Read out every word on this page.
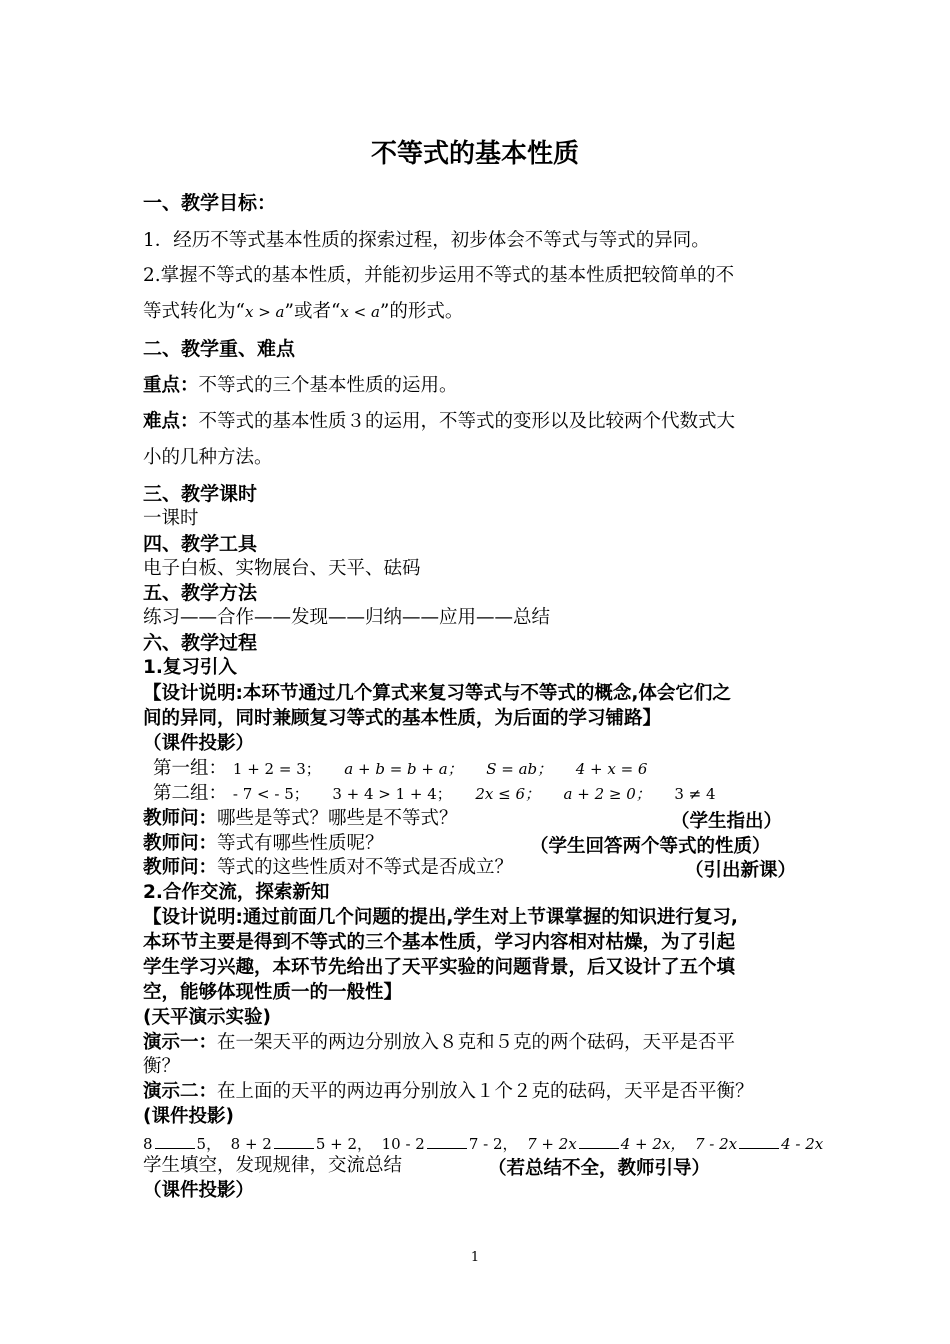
不等式的基本性质
一、教学目标：
1．经历不等式基本性质的探索过程，初步体会不等式与等式的异同。
2.掌握不等式的基本性质，并能初步运用不等式的基本性质把较简单的不
等式转化为“x > a”或者“x < a”的形式。
二、教学重、难点
重点：不等式的三个基本性质的运用。
难点：不等式的基本性质３的运用，不等式的变形以及比较两个代数式大
小的几种方法。
三、教学课时
一课时
四、教学工具
电子白板、实物展台、天平、砝码
五、教学方法
练习——合作——发现——归纳——应用——总结
六、教学过程
1.复习引入
【设计说明:本环节通过几个算式来复习等式与不等式的概念,体会它们之
间的异同，同时兼顾复习等式的基本性质，为后面的学习铺路】
（课件投影）
第一组： 1 + 2 = 3； a + b = b + a； S = ab； 4 + x = 6
第二组： - 7 < - 5； 3 + 4 > 1 + 4； 2x ≤ 6； a + 2 ≥ 0； 3 ≠ 4
教师问：哪些是等式？哪些是不等式？	（学生指出）
教师问：等式有哪些性质呢？	（学生回答两个等式的性质）
教师问：等式的这些性质对不等式是否成立？	（引出新课）
2.合作交流，探索新知
【设计说明:通过前面几个问题的提出,学生对上节课掌握的知识进行复习,
本环节主要是得到不等式的三个基本性质，学习内容相对枯燥，为了引起
学生学习兴趣，本环节先给出了天平实验的问题背景，后又设计了五个填
空，能够体现性质一的一般性】
(天平演示实验)
演示一：在一架天平的两边分别放入８克和５克的两个砝码，天平是否平
衡？
演示二：在上面的天平的两边再分别放入１个２克的砝码，天平是否平衡？
(课件投影)
8	5， 8 + 2	5 + 2， 10 - 2	7 - 2， 7 + 2x	4 + 2x， 7 - 2x	4 - 2x
学生填空，发现规律，交流总结	（若总结不全，教师引导）
（课件投影）
1
